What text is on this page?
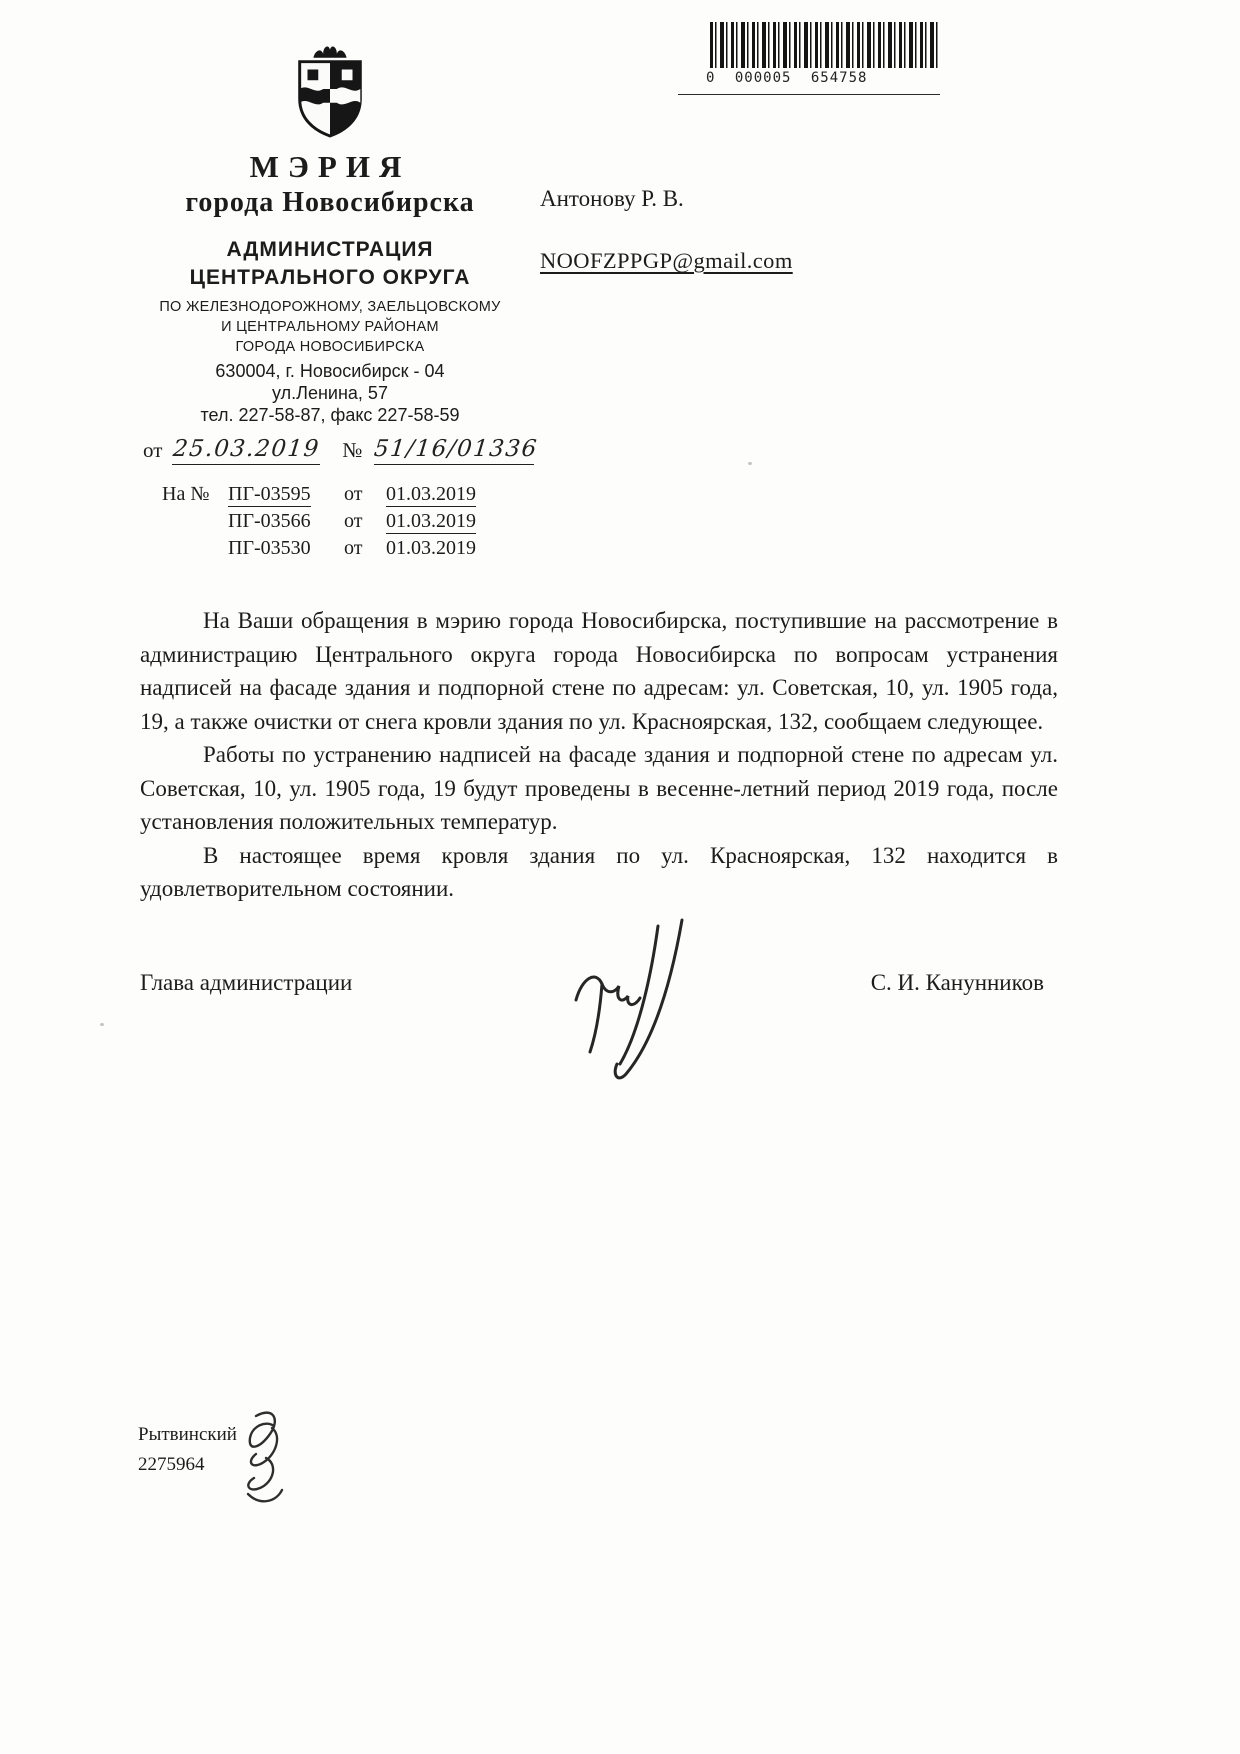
0 000005 654758
МЭРИЯ
города Новосибирска
АДМИНИСТРАЦИЯ
ЦЕНТРАЛЬНОГО ОКРУГА
ПО ЖЕЛЕЗНОДОРОЖНОМУ, ЗАЕЛЬЦОВСКОМУ
И ЦЕНТРАЛЬНОМУ РАЙОНАМ
ГОРОДА НОВОСИБИРСКА
630004, г. Новосибирск - 04
ул.Ленина, 57
тел. 227-58-87, факс 227-58-59
Антонову Р. В.
NOOFZPPGP@gmail.com
от 25.03.2019 № 51/16/01336
На № ПГ-03595	от	01.03.2019
ПГ-03566	от	01.03.2019
ПГ-03530	от	01.03.2019

На Ваши обращения в мэрию города Новосибирска, поступившие на рассмотрение в администрацию Центрального округа города Новосибирска по вопросам устранения надписей на фасаде здания и подпорной стене по адресам: ул. Советская, 10, ул. 1905 года, 19, а также очистки от снега кровли здания по ул. Красноярская, 132, сообщаем следующее.

Работы по устранению надписей на фасаде здания и подпорной стене по адресам ул. Советская, 10, ул. 1905 года, 19 будут проведены в весенне-летний период 2019 года, после установления положительных температур.

В настоящее время кровля здания по ул. Красноярская, 132 находится в удовлетворительном состоянии.

Глава администрации	С. И. Канунников
Рытвинский
2275964
